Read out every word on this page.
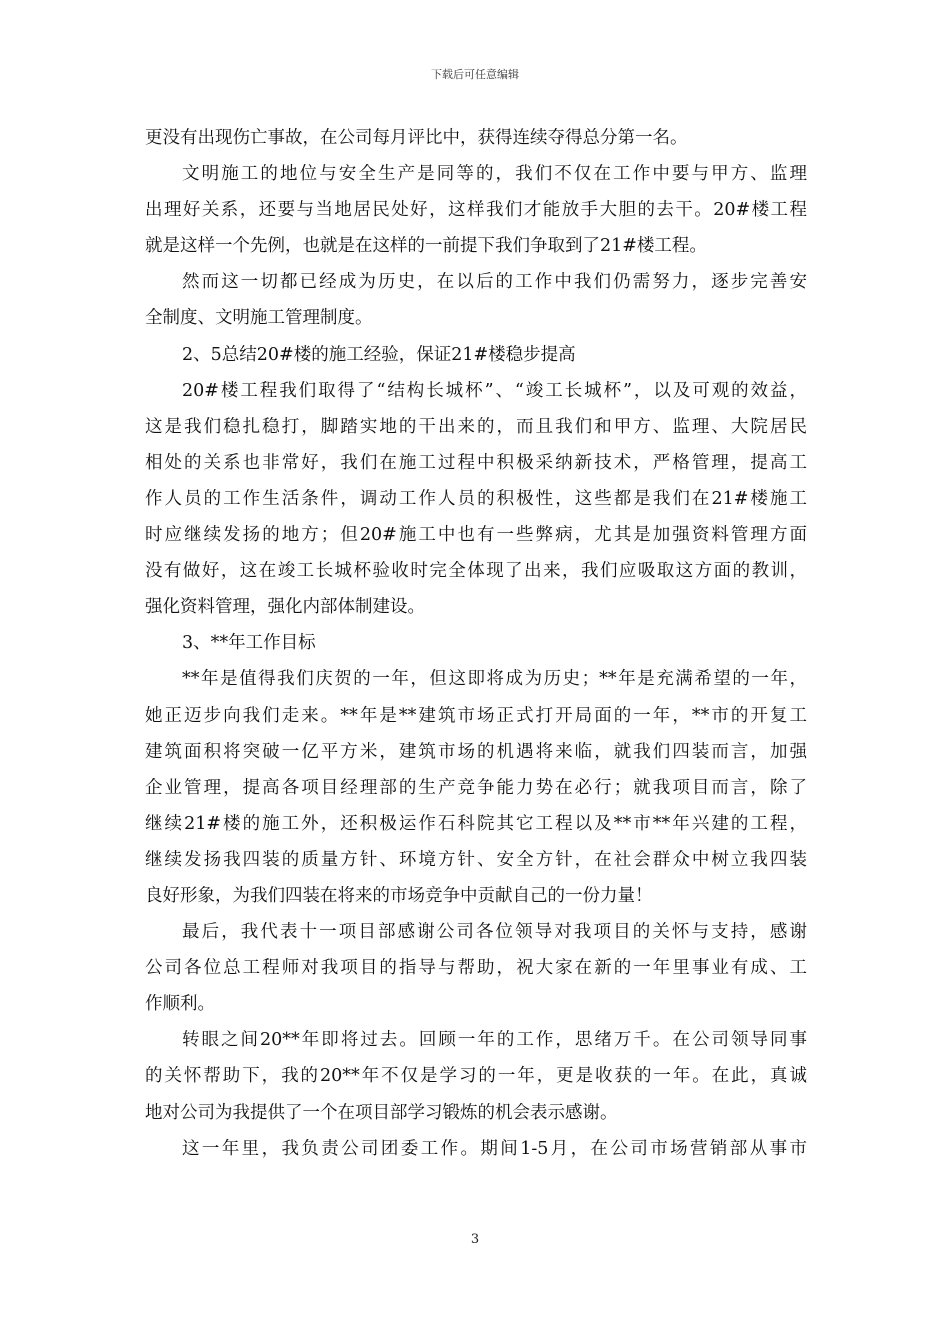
下载后可任意编辑
更没有出现伤亡事故，在公司每月评比中，获得连续夺得总分第一名。
文明施工的地位与安全生产是同等的，我们不仅在工作中要与甲方、监理
出理好关系，还要与当地居民处好，这样我们才能放手大胆的去干。20#楼工程
就是这样一个先例，也就是在这样的一前提下我们争取到了21#楼工程。
然而这一切都已经成为历史，在以后的工作中我们仍需努力，逐步完善安
全制度、文明施工管理制度。
2、5总结20#楼的施工经验，保证21#楼稳步提高
20#楼工程我们取得了“结构长城杯”、“竣工长城杯”，以及可观的效益，
这是我们稳扎稳打，脚踏实地的干出来的，而且我们和甲方、监理、大院居民
相处的关系也非常好，我们在施工过程中积极采纳新技术，严格管理，提高工
作人员的工作生活条件，调动工作人员的积极性，这些都是我们在21#楼施工
时应继续发扬的地方；但20#施工中也有一些弊病，尤其是加强资料管理方面
没有做好，这在竣工长城杯验收时完全体现了出来，我们应吸取这方面的教训，
强化资料管理，强化内部体制建设。
3、**年工作目标
**年是值得我们庆贺的一年，但这即将成为历史；**年是充满希望的一年，
她正迈步向我们走来。**年是**建筑市场正式打开局面的一年，**市的开复工
建筑面积将突破一亿平方米，建筑市场的机遇将来临，就我们四装而言，加强
企业管理，提高各项目经理部的生产竞争能力势在必行；就我项目而言，除了
继续21#楼的施工外，还积极运作石科院其它工程以及**市**年兴建的工程，
继续发扬我四装的质量方针、环境方针、安全方针，在社会群众中树立我四装
良好形象，为我们四装在将来的市场竞争中贡献自己的一份力量！
最后，我代表十一项目部感谢公司各位领导对我项目的关怀与支持，感谢
公司各位总工程师对我项目的指导与帮助，祝大家在新的一年里事业有成、工
作顺利。
转眼之间20**年即将过去。回顾一年的工作，思绪万千。在公司领导同事
的关怀帮助下，我的20**年不仅是学习的一年，更是收获的一年。在此，真诚
地对公司为我提供了一个在项目部学习锻炼的机会表示感谢。
这一年里，我负责公司团委工作。期间1-5月，在公司市场营销部从事市
3
